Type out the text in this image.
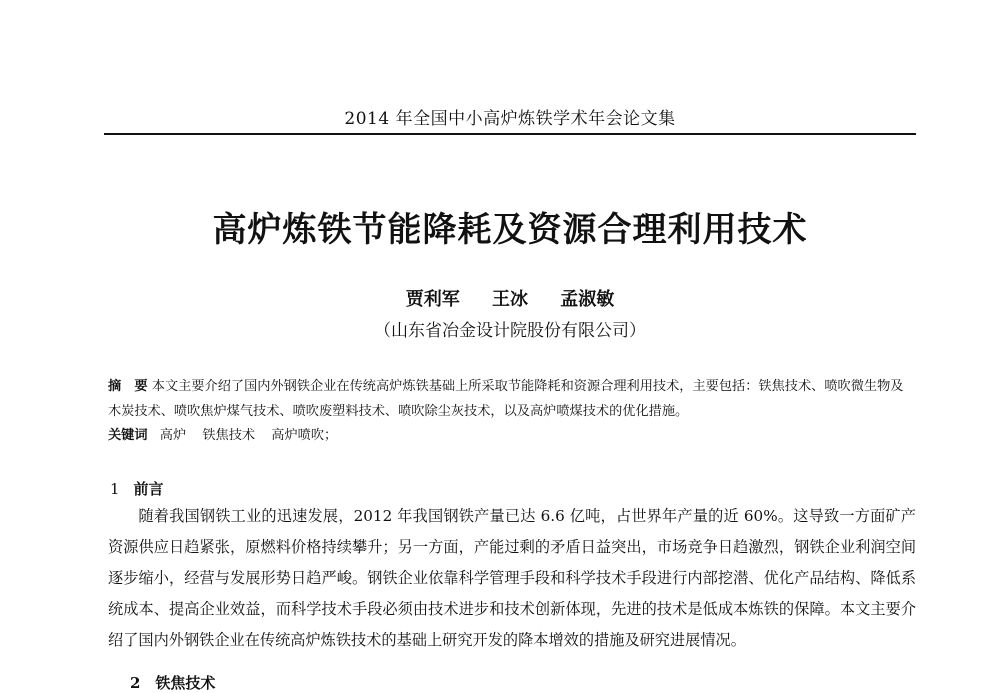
2014 年全国中小高炉炼铁学术年会论文集
高炉炼铁节能降耗及资源合理利用技术
贾利军 王冰 孟淑敏
（山东省冶金设计院股份有限公司）
摘　要 本文主要介绍了国内外钢铁企业在传统高炉炼铁基础上所采取节能降耗和资源合理利用技术，主要包括：铁焦技术、喷吹微生物及木炭技术、喷吹焦炉煤气技术、喷吹废塑料技术、喷吹除尘灰技术，以及高炉喷煤技术的优化措施。
关键词 高炉 铁焦技术 高炉喷吹；
1 前言
随着我国钢铁工业的迅速发展，2012 年我国钢铁产量已达 6.6 亿吨，占世界年产量的近 60%。这导致一方面矿产资源供应日趋紧张，原燃料价格持续攀升；另一方面，产能过剩的矛盾日益突出，市场竞争日趋激烈，钢铁企业利润空间逐步缩小，经营与发展形势日趋严峻。钢铁企业依靠科学管理手段和科学技术手段进行内部挖潜、优化产品结构、降低系统成本、提高企业效益，而科学技术手段必须由技术进步和技术创新体现，先进的技术是低成本炼铁的保障。本文主要介绍了国内外钢铁企业在传统高炉炼铁技术的基础上研究开发的降本增效的措施及研究进展情况。
2　铁焦技术
